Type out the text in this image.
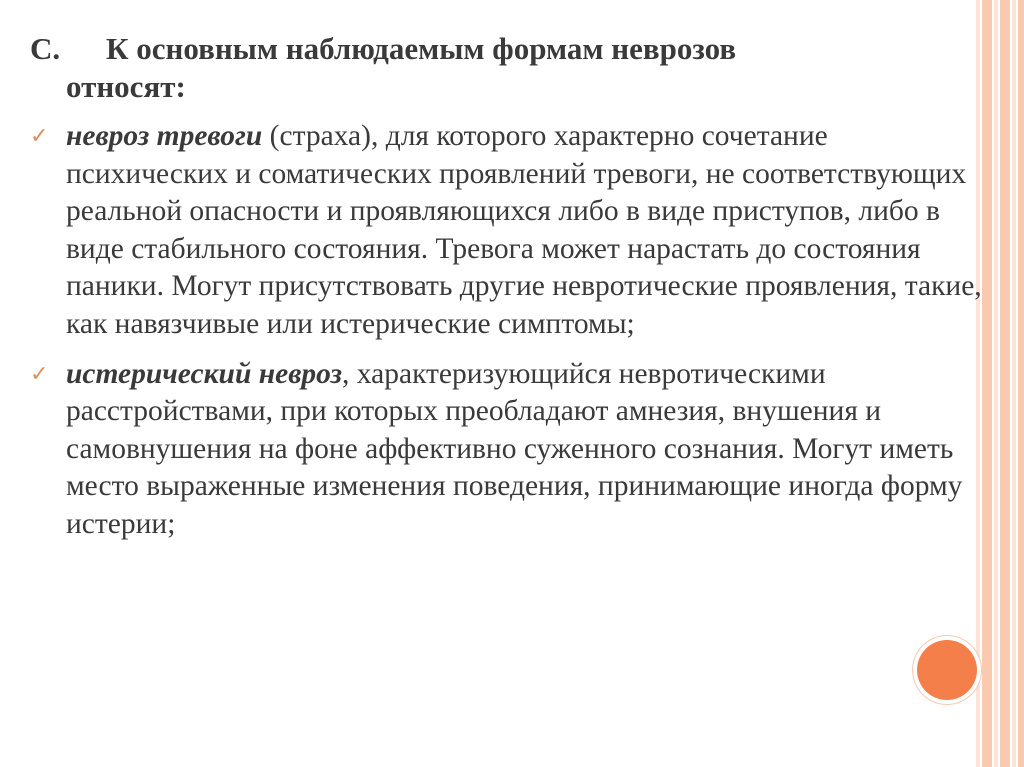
С. К основным наблюдаемым формам неврозов
относят:
✓ невроз тревоги (страха), для которого характерно сочетание психических и соматических проявлений тревоги, не соответствующих реальной опасности и проявляющихся либо в виде приступов, либо в виде стабильного состояния. Тревога может нарастать до состояния паники. Могут присутствовать другие невротические проявления, такие, как навязчивые или истерические симптомы;
✓ истерический невроз, характеризующийся невротическими расстройствами, при которых преобладают амнезия, внушения и самовнушения на фоне аффективно суженного сознания. Могут иметь место выраженные изменения поведения, принимающие иногда форму истерии;
